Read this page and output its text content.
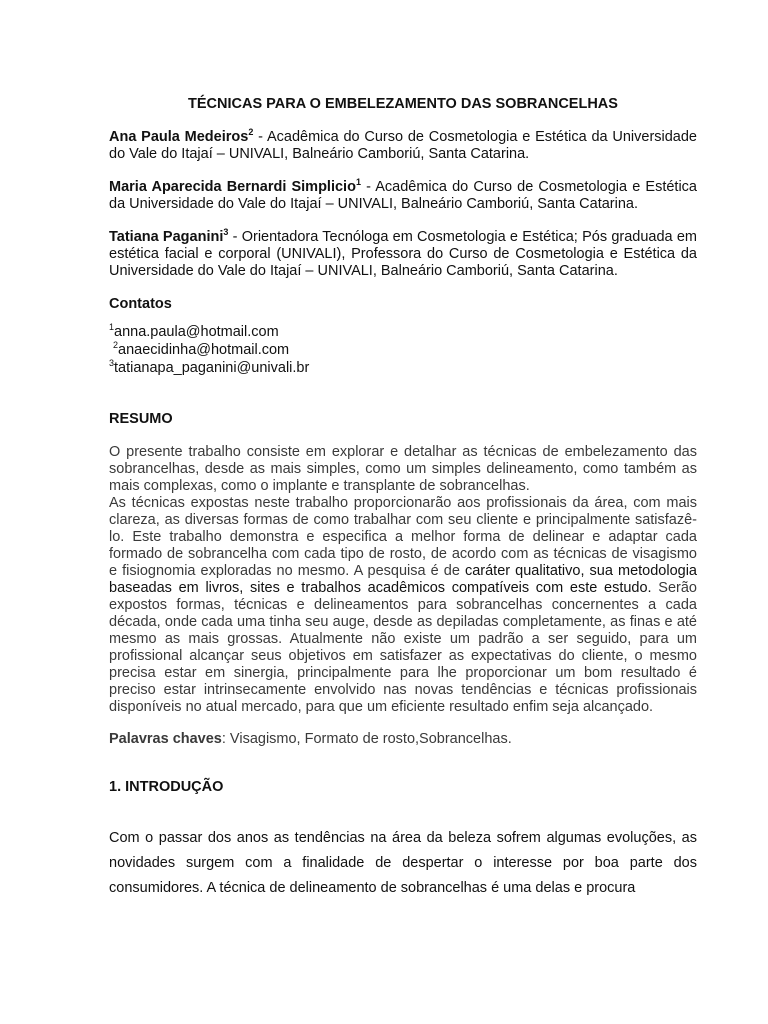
TÉCNICAS PARA O EMBELEZAMENTO DAS SOBRANCELHAS
Ana Paula Medeiros$^2$ - Acadêmica do Curso de Cosmetologia e Estética da Universidade do Vale do Itajaí – UNIVALI, Balneário Camboriú, Santa Catarina.
Maria Aparecida Bernardi Simplicio$^1$ - Acadêmica do Curso de Cosmetologia e Estética da Universidade do Vale do Itajaí – UNIVALI, Balneário Camboriú, Santa Catarina.
Tatiana Paganini$^3$ - Orientadora Tecnóloga em Cosmetologia e Estética; Pós graduada em estética facial e corporal (UNIVALI), Professora do Curso de Cosmetologia e Estética da Universidade do Vale do Itajaí – UNIVALI, Balneário Camboriú, Santa Catarina.
Contatos
$^1$anna.paula@hotmail.com
$^2$anaecidinha@hotmail.com
$^3$tatianapa_paganini@univali.br
RESUMO

O presente trabalho consiste em explorar e detalhar as técnicas de embelezamento das sobrancelhas, desde as mais simples, como um simples delineamento, como também as mais complexas, como o implante e transplante de sobrancelhas.

As técnicas expostas neste trabalho proporcionarão aos profissionais da área, com mais clareza, as diversas formas de como trabalhar com seu cliente e principalmente satisfazê-lo. Este trabalho demonstra e especifica a melhor forma de delinear e adaptar cada formado de sobrancelha com cada tipo de rosto, de acordo com as técnicas de visagismo e fisiognomia exploradas no mesmo. A pesquisa é de caráter qualitativo, sua metodologia baseadas em livros, sites e trabalhos acadêmicos compatíveis com este estudo. Serão expostos formas, técnicas e delineamentos para sobrancelhas concernentes a cada década, onde cada uma tinha seu auge, desde as depiladas completamente, as finas e até mesmo as mais grossas. Atualmente não existe um padrão a ser seguido, para um profissional alcançar seus objetivos em satisfazer as expectativas do cliente, o mesmo precisa estar em sinergia, principalmente para lhe proporcionar um bom resultado é preciso estar intrinsecamente envolvido nas novas tendências e técnicas profissionais disponíveis no atual mercado, para que um eficiente resultado enfim seja alcançado.

Palavras chaves: Visagismo, Formato de rosto,Sobrancelhas.
1. INTRODUÇÃO

Com o passar dos anos as tendências na área da beleza sofrem algumas evoluções, as novidades surgem com a finalidade de despertar o interesse por boa parte dos consumidores. A técnica de delineamento de sobrancelhas é uma delas e procura
